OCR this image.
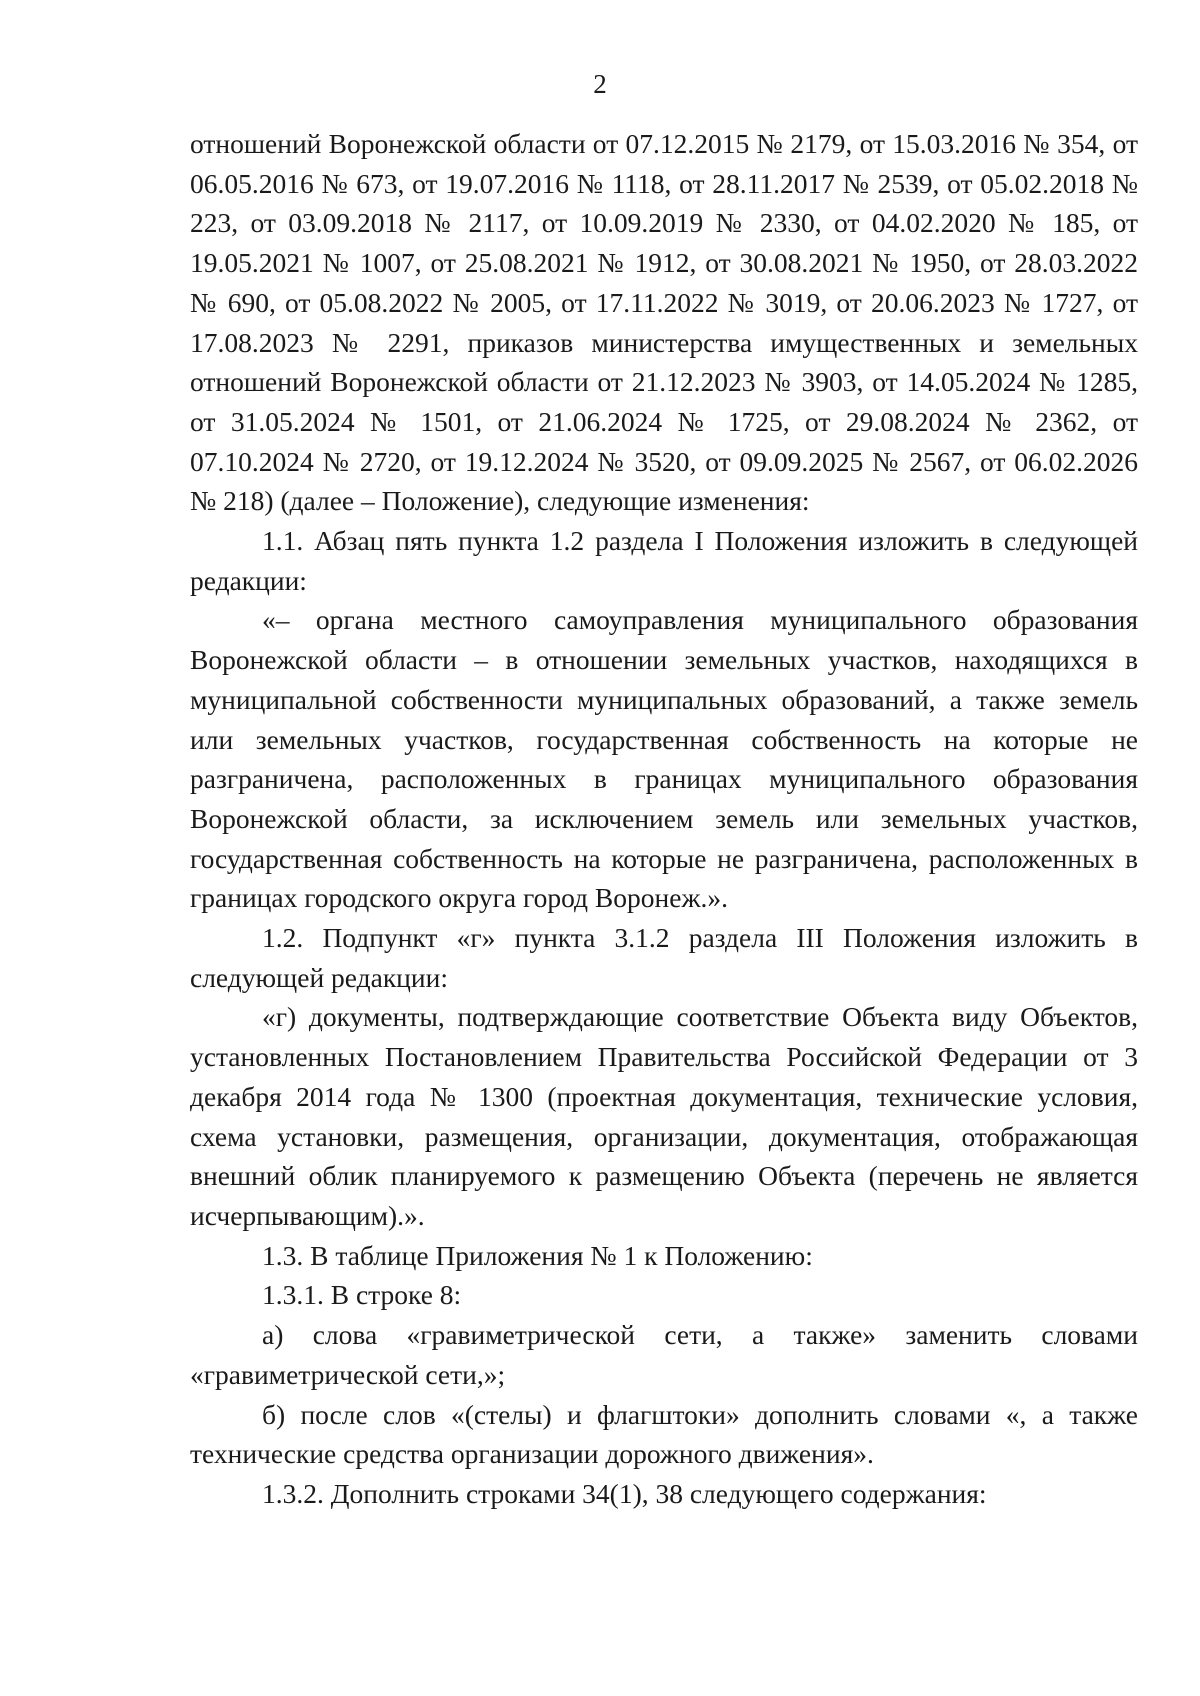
2

отношений Воронежской области от 07.12.2015 № 2179, от 15.03.2016 № 354, от 06.05.2016 № 673, от 19.07.2016 № 1118, от 28.11.2017 № 2539, от 05.02.2018 № 223, от 03.09.2018 № 2117, от 10.09.2019 № 2330, от 04.02.2020 № 185, от 19.05.2021 № 1007, от 25.08.2021 № 1912, от 30.08.2021 № 1950, от 28.03.2022 № 690, от 05.08.2022 № 2005, от 17.11.2022 № 3019, от 20.06.2023 № 1727, от 17.08.2023 № 2291, приказов министерства имущественных и земельных отношений Воронежской области от 21.12.2023 № 3903, от 14.05.2024 № 1285, от 31.05.2024 № 1501, от 21.06.2024 № 1725, от 29.08.2024 № 2362, от 07.10.2024 № 2720, от 19.12.2024 № 3520, от 09.09.2025 № 2567, от 06.02.2026 № 218) (далее – Положение), следующие изменения:

1.1. Абзац пять пункта 1.2 раздела I Положения изложить в следующей редакции:

«– органа местного самоуправления муниципального образования Воронежской области – в отношении земельных участков, находящихся в муниципальной собственности муниципальных образований, а также земель или земельных участков, государственная собственность на которые не разграничена, расположенных в границах муниципального образования Воронежской области, за исключением земель или земельных участков, государственная собственность на которые не разграничена, расположенных в границах городского округа город Воронеж.».

1.2. Подпункт «г» пункта 3.1.2 раздела III Положения изложить в следующей редакции:

«г) документы, подтверждающие соответствие Объекта виду Объектов, установленных Постановлением Правительства Российской Федерации от 3 декабря 2014 года № 1300 (проектная документация, технические условия, схема установки, размещения, организации, документация, отображающая внешний облик планируемого к размещению Объекта (перечень не является исчерпывающим).».

1.3. В таблице Приложения № 1 к Положению:

1.3.1. В строке 8:

а) слова «гравиметрической сети, а также» заменить словами «гравиметрической сети,»;

б) после слов «(стелы) и флагштоки» дополнить словами «, а также технические средства организации дорожного движения».

1.3.2. Дополнить строками 34(1), 38 следующего содержания:
